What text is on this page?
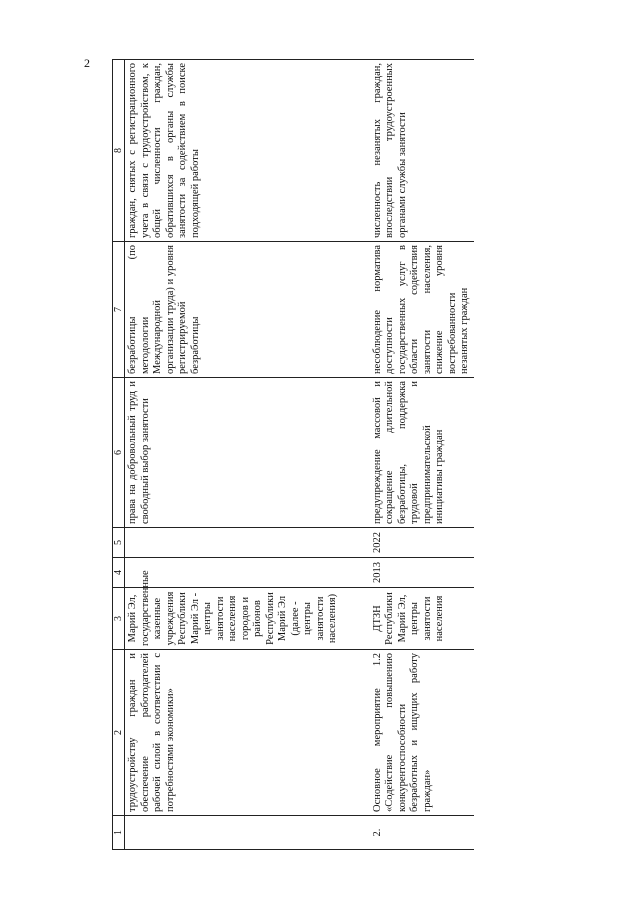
2
1	2	3	4	5	6	7	8
	трудоустройству граждан и обеспечение работодателей рабочей силой в соответствии с потребностями экономики»	Марий Эл, государственные казенные учреждения Республики Марий Эл - центры занятости населения городов и районов Республики Марий Эл (далее - центры занятости населения)			права на добровольный труд и свободный выбор занятости	безработицы (по методологии Международной организации труда) и уровня регистрируемой безработицы	граждан, снятых с регистрационного учета в связи с трудоустройством, к общей численности граждан, обратившихся в органы службы занятости за содействием в поиске подходящей работы

2.	Основное мероприятие 1.2 «Содействие повышению конкурентоспособности безработных и ищущих работу граждан»	ДТЗН Республики Марий Эл, центры занятости населения	2013	2022	предупреждение массовой и сокращение длительной безработицы, поддержка трудовой и предпринимательской инициативы граждан	несоблюдение норматива доступности государственных услуг в области содействия занятости населения, снижение уровня востребованности незанятых граждан	численность незанятых граждан, впоследствии трудоустроенных органами службы занятости
